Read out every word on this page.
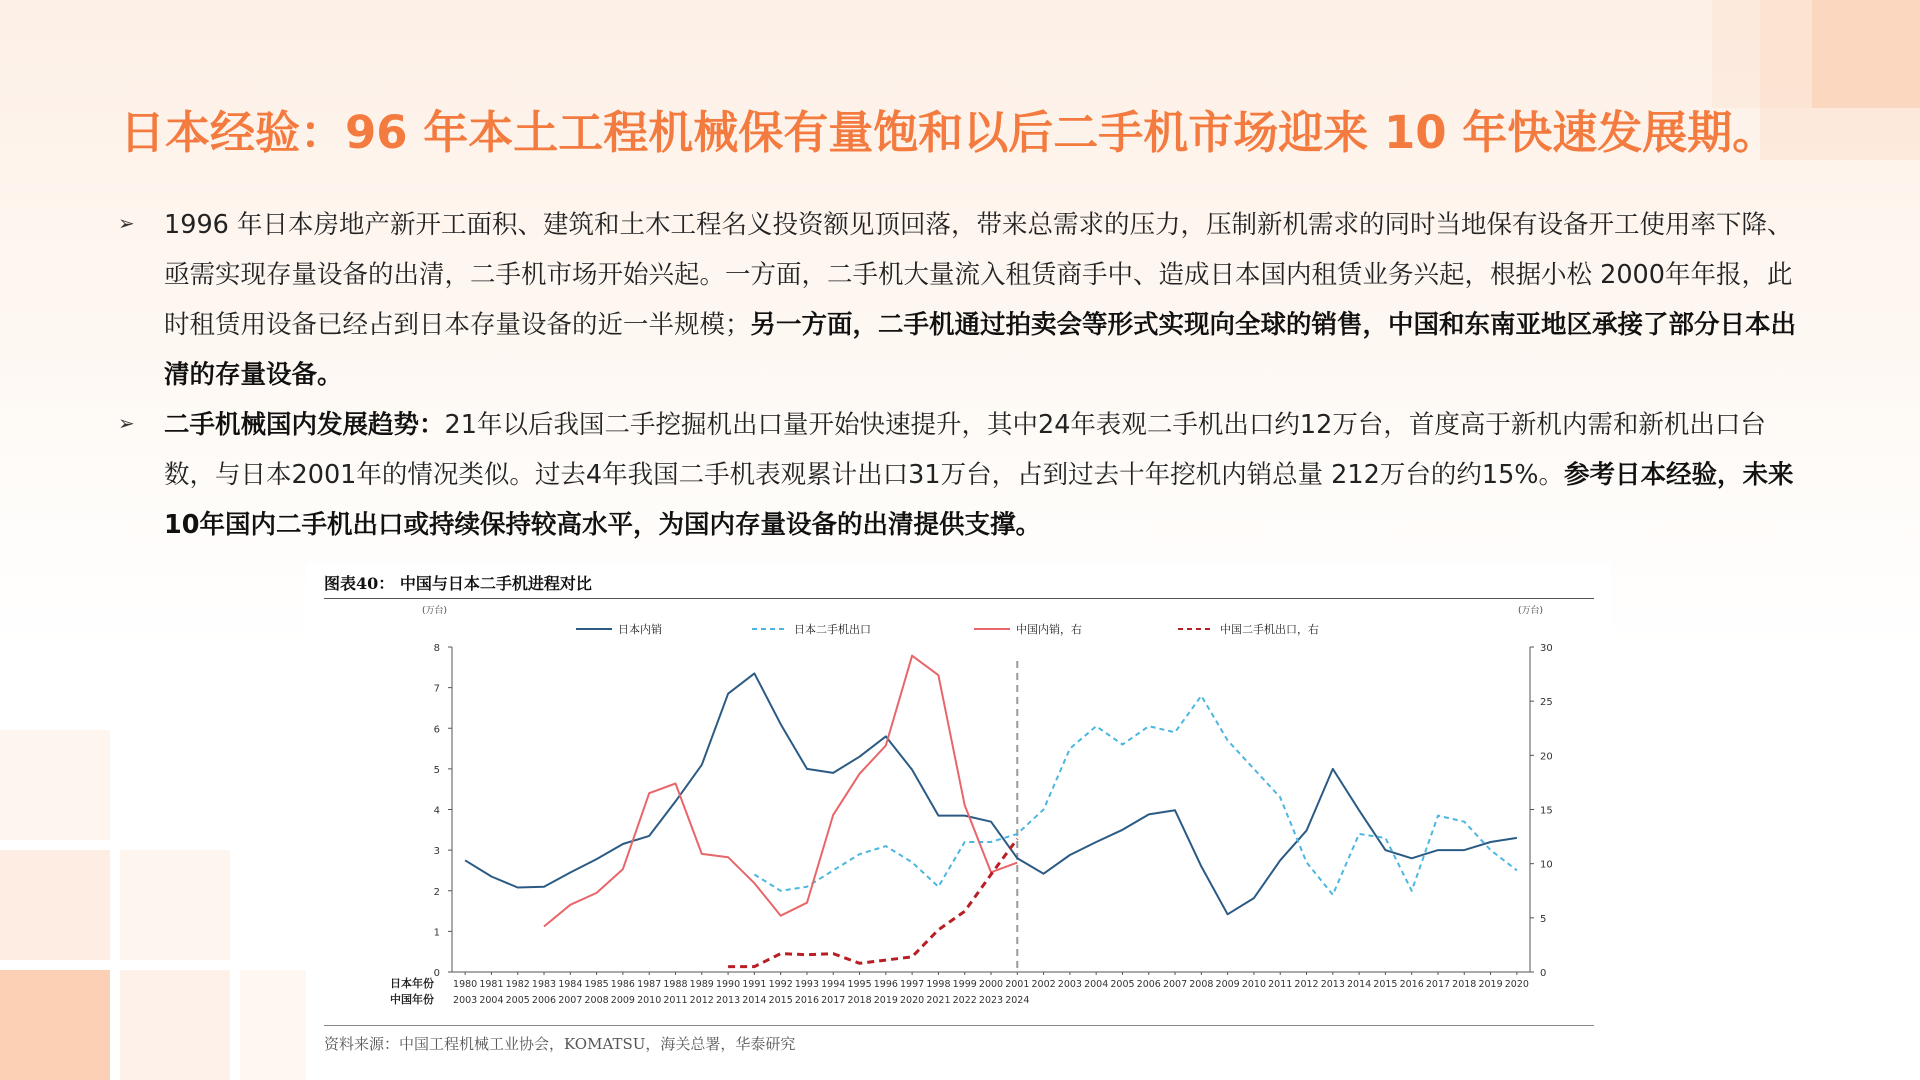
日本经验：96 年本土工程机械保有量饱和以后二手机市场迎来 10 年快速发展期。
➢ 1996 年日本房地产新开工面积、建筑和土木工程名义投资额见顶回落，带来总需求的压力，压制新机需求的同时当地保有设备开工使用率下降、亟需实现存量设备的出清，二手机市场开始兴起。一方面，二手机大量流入租赁商手中、造成日本国内租赁业务兴起，根据小松 2000年年报，此时租赁用设备已经占到日本存量设备的近一半规模；另一方面，二手机通过拍卖会等形式实现向全球的销售，中国和东南亚地区承接了部分日本出清的存量设备。
➢ 二手机械国内发展趋势：21年以后我国二手挖掘机出口量开始快速提升，其中24年表观二手机出口约12万台，首度高于新机内需和新机出口台数，与日本2001年的情况类似。过去4年我国二手机表观累计出口31万台，占到过去十年挖机内销总量 212万台的约15%。参考日本经验，未来10年国内二手机出口或持续保持较高水平，为国内存量设备的出清提供支撑。
图表40： 中国与日本二手机进程对比
日本内销	日本二手机出口	中国内销，右	中国二手机出口，右
(万台)	(万台)
0
1
2
3
4
5
6
7
8
0
5
10
15
20
25
30
1980 1981 1982 1983 1984 1985 1986 1987 1988 1989 1990 1991 1992 1993 1994 1995 1996 1997 1998 1999 2000 2001 2002 2003 2004 2005 2006 2007 2008 2009 2010 2011 2012 2013 2014 2015 2016 2017 2018 2019 2020
2003 2004 2005 2006 2007 2008 2009 2010 2011 2012 2013 2014 2015 2016 2017 2018 2019 2020 2021 2022 2023 2024
日本年份
中国年份
资料来源：中国工程机械工业协会，KOMATSU，海关总署，华泰研究
